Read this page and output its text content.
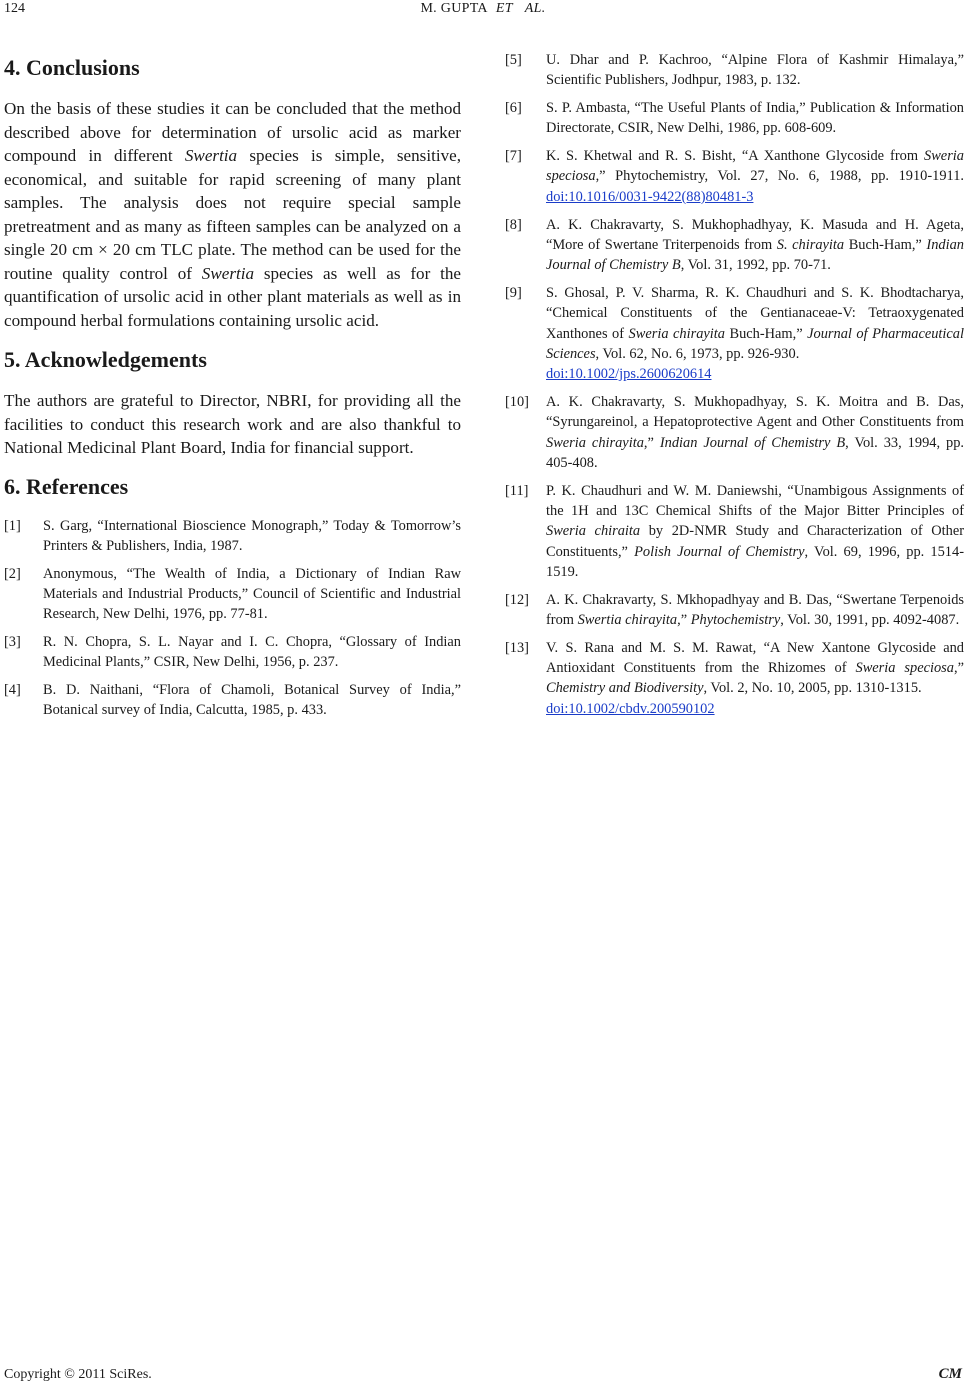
124	M. GUPTA ET AL.
4. Conclusions

On the basis of these studies it can be concluded that the method described above for determination of ursolic acid as marker compound in different Swertia species is simple, sensitive, economical, and suitable for rapid screening of many plant samples. The analysis does not require special sample pretreatment and as many as fifteen samples can be analyzed on a single 20 cm × 20 cm TLC plate. The method can be used for the routine quality control of Swertia species as well as for the quantification of ursolic acid in other plant materials as well as in compound herbal formulations containing ursolic acid.

5. Acknowledgements

The authors are grateful to Director, NBRI, for providing all the facilities to conduct this research work and are also thankful to National Medicinal Plant Board, India for financial support.

6. References
[1]	S. Garg, “International Bioscience Monograph,” Today & Tomorrow’s Printers & Publishers, India, 1987.
[2]	Anonymous, “The Wealth of India, a Dictionary of Indian Raw Materials and Industrial Products,” Council of Scientific and Industrial Research, New Delhi, 1976, pp. 77-81.
[3]	R. N. Chopra, S. L. Nayar and I. C. Chopra, “Glossary of Indian Medicinal Plants,” CSIR, New Delhi, 1956, p. 237.
[4]	B. D. Naithani, “Flora of Chamoli, Botanical Survey of India,” Botanical survey of India, Calcutta, 1985, p. 433.
[5]	U. Dhar and P. Kachroo, “Alpine Flora of Kashmir Himalaya,” Scientific Publishers, Jodhpur, 1983, p. 132.
[6]	S. P. Ambasta, “The Useful Plants of India,” Publication & Information Directorate, CSIR, New Delhi, 1986, pp. 608-609.
[7]	K. S. Khetwal and R. S. Bisht, “A Xanthone Glycoside from Sweria speciosa,” Phytochemistry, Vol. 27, No. 6, 1988, pp. 1910-1911. doi:10.1016/0031-9422(88)80481-3
[8]	A. K. Chakravarty, S. Mukhophadhyay, K. Masuda and H. Ageta, “More of Swertane Triterpenoids from S. chirayita Buch-Ham,” Indian Journal of Chemistry B, Vol. 31, 1992, pp. 70-71.
[9]	S. Ghosal, P. V. Sharma, R. K. Chaudhuri and S. K. Bhodtacharya, “Chemical Constituents of the Gentianaceae-V: Tetraoxygenated Xanthones of Sweria chirayita Buch-Ham,” Journal of Pharmaceutical Sciences, Vol. 62, No. 6, 1973, pp. 926-930.
doi:10.1002/jps.2600620614
[10]	A. K. Chakravarty, S. Mukhopadhyay, S. K. Moitra and B. Das, “Syrungareinol, a Hepatoprotective Agent and Other Constituents from Sweria chirayita,” Indian Journal of Chemistry B, Vol. 33, 1994, pp. 405-408.
[11]	P. K. Chaudhuri and W. M. Daniewshi, “Unambigous Assignments of the 1H and 13C Chemical Shifts of the Major Bitter Principles of Sweria chiraita by 2D-NMR Study and Characterization of Other Constituents,” Polish Journal of Chemistry, Vol. 69, 1996, pp. 1514-1519.
[12]	A. K. Chakravarty, S. Mkhopadhyay and B. Das, “Swertane Terpenoids from Swertia chirayita,” Phytochemistry, Vol. 30, 1991, pp. 4092-4087.
[13]	V. S. Rana and M. S. M. Rawat, “A New Xantone Glycoside and Antioxidant Constituents from the Rhizomes of Sweria speciosa,” Chemistry and Biodiversity, Vol. 2, No. 10, 2005, pp. 1310-1315.
doi:10.1002/cbdv.200590102
Copyright © 2011 SciRes.	CM
